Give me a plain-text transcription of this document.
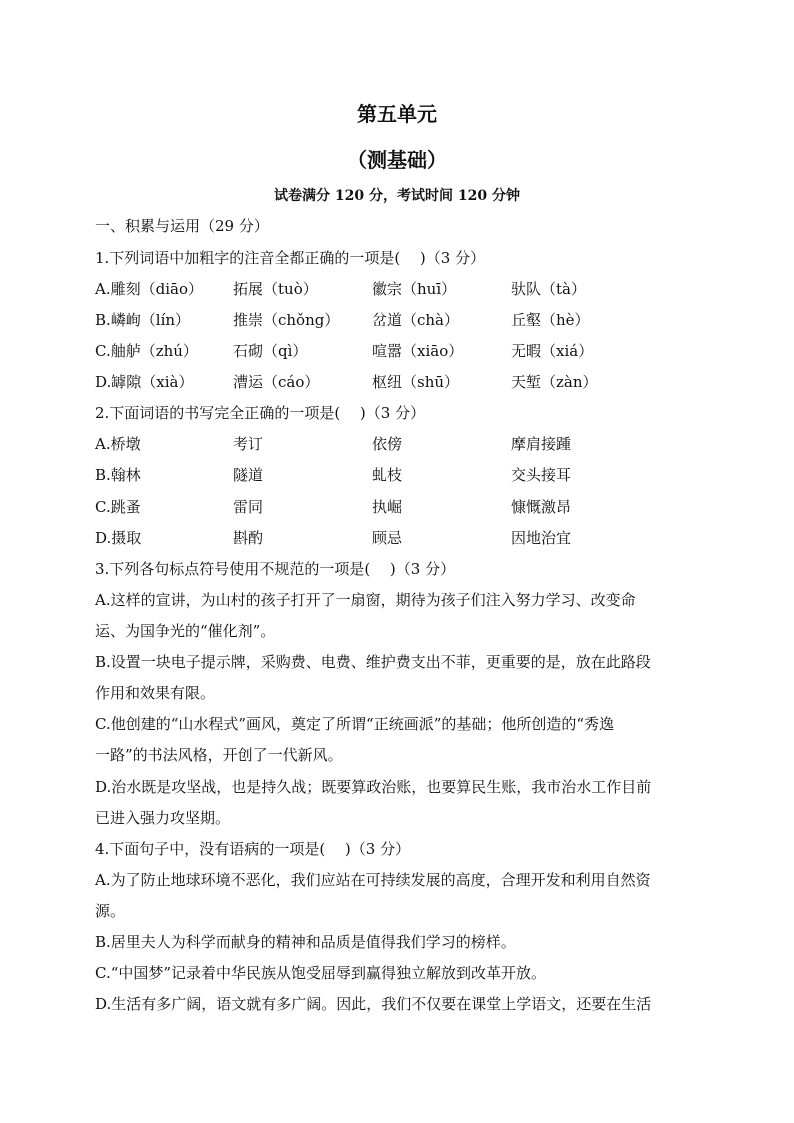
第五单元
（测基础）
试卷满分 120 分，考试时间 120 分钟
一、积累与运用（29 分）
1.下列词语中加粗字的注音全都正确的一项是(　 )（3 分）
A.雕刻（diāo） 拓展（tuò）	徽宗（huī）	驮队（tà）
B.嶙峋（lín）	推崇（chǒng） 岔道（chà）	丘壑（hè）
C.舳舻（zhú） 石砌（qì）	喧嚣（xiāo）	无暇（xiá）
D.罅隙（xià）	漕运（cáo）	枢纽（shū）	天堑（zàn）
2.下面词语的书写完全正确的一项是(　 )（3 分）
A.桥墩	考订	依傍	摩肩接踵
B.翰林	隧道	虬枝	交头接耳
C.跳蚤	雷同	执崛	慷慨激昂
D.摄取	斟酌	顾忌	因地治宜
3.下列各句标点符号使用不规范的一项是(　 )（3 分）
A.这样的宣讲，为山村的孩子打开了一扇窗，期待为孩子们注入努力学习、改变命
运、为国争光的“催化剂”。
B.设置一块电子提示牌，采购费、电费、维护费支出不菲，更重要的是，放在此路段
作用和效果有限。
C.他创建的“山水程式”画风，奠定了所谓“正统画派”的基础；他所创造的“秀逸
一路”的书法风格，开创了一代新风。
D.治水既是攻坚战，也是持久战；既要算政治账，也要算民生账，我市治水工作目前
已进入强力攻坚期。
4.下面句子中，没有语病的一项是(　 )（3 分）
A.为了防止地球环境不恶化，我们应站在可持续发展的高度，合理开发和利用自然资
源。
B.居里夫人为科学而献身的精神和品质是值得我们学习的榜样。
C.“中国梦”记录着中华民族从饱受屈辱到赢得独立解放到改革开放。
D.生活有多广阔，语文就有多广阔。因此，我们不仅要在课堂上学语文，还要在生活
